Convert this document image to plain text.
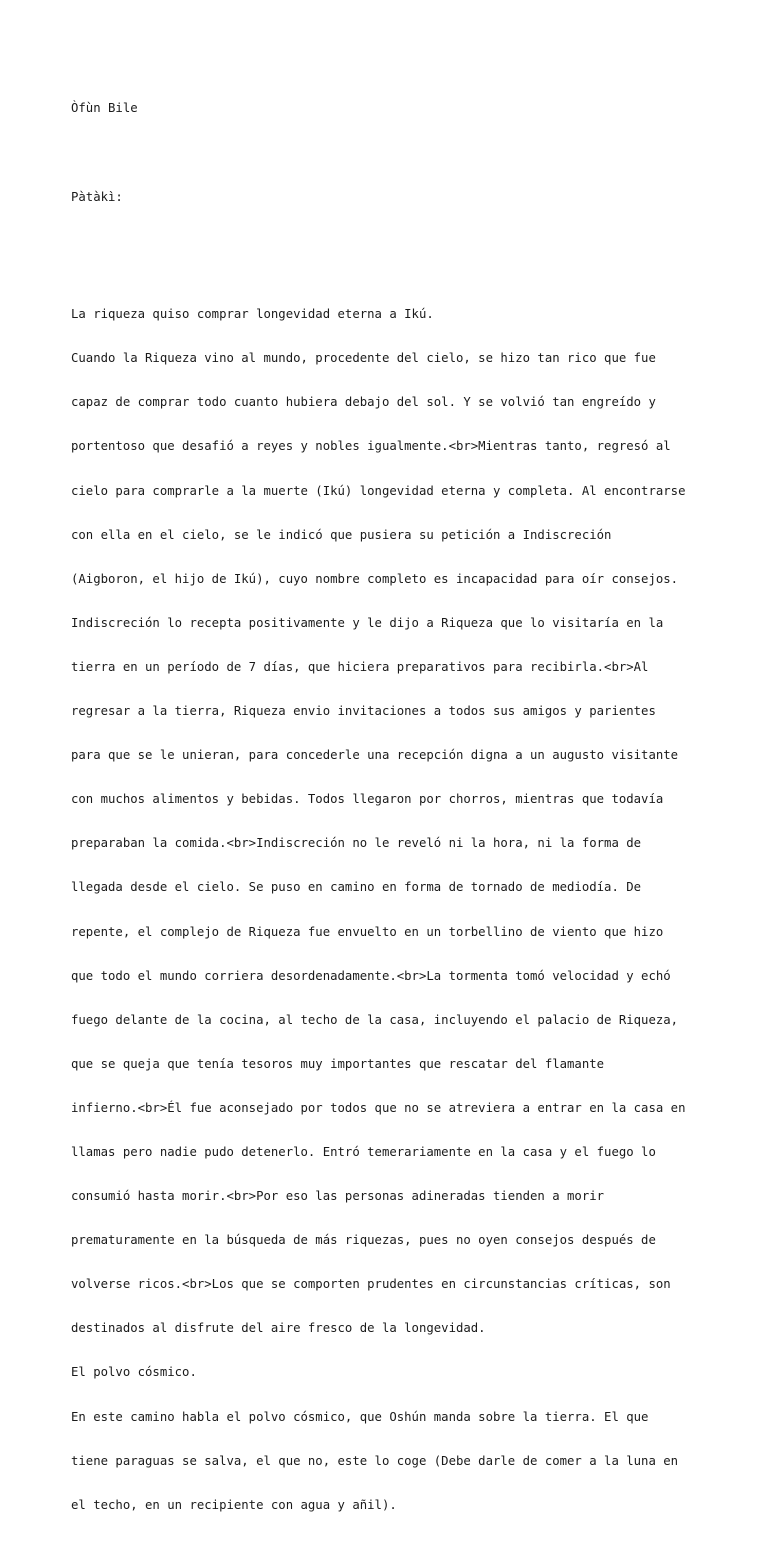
Òfùn Bile

Pàtàkì:

La riqueza quiso comprar longevidad eterna a Ikú.

Cuando la Riqueza vino al mundo, procedente del cielo, se hizo tan rico que fue

capaz de comprar todo cuanto hubiera debajo del sol. Y se volvió tan engreído y

portentoso que desafió a reyes y nobles igualmente.<br>Mientras tanto, regresó al

cielo para comprarle a la muerte (Ikú) longevidad eterna y completa. Al encontrarse

con ella en el cielo, se le indicó que pusiera su petición a Indiscreción

(Aigboron, el hijo de Ikú), cuyo nombre completo es incapacidad para oír consejos.

Indiscreción lo recepta positivamente y le dijo a Riqueza que lo visitaría en la

tierra en un período de 7 días, que hiciera preparativos para recibirla.<br>Al

regresar a la tierra, Riqueza envio invitaciones a todos sus amigos y parientes

para que se le unieran, para concederle una recepción digna a un augusto visitante

con muchos alimentos y bebidas. Todos llegaron por chorros, mientras que todavía

preparaban la comida.<br>Indiscreción no le reveló ni la hora, ni la forma de

llegada desde el cielo. Se puso en camino en forma de tornado de mediodía. De

repente, el complejo de Riqueza fue envuelto en un torbellino de viento que hizo

que todo el mundo corriera desordenadamente.<br>La tormenta tomó velocidad y echó

fuego delante de la cocina, al techo de la casa, incluyendo el palacio de Riqueza,

que se queja que tenía tesoros muy importantes que rescatar del flamante

infierno.<br>Él fue aconsejado por todos que no se atreviera a entrar en la casa en

llamas pero nadie pudo detenerlo. Entró temerariamente en la casa y el fuego lo

consumió hasta morir.<br>Por eso las personas adineradas tienden a morir

prematuramente en la búsqueda de más riquezas, pues no oyen consejos después de

volverse ricos.<br>Los que se comporten prudentes en circunstancias críticas, son

destinados al disfrute del aire fresco de la longevidad.

El polvo cósmico.

En este camino habla el polvo cósmico, que Oshún manda sobre la tierra. El que

tiene paraguas se salva, el que no, este lo coge (Debe darle de comer a la luna en

el techo, en un recipiente con agua y añil).
